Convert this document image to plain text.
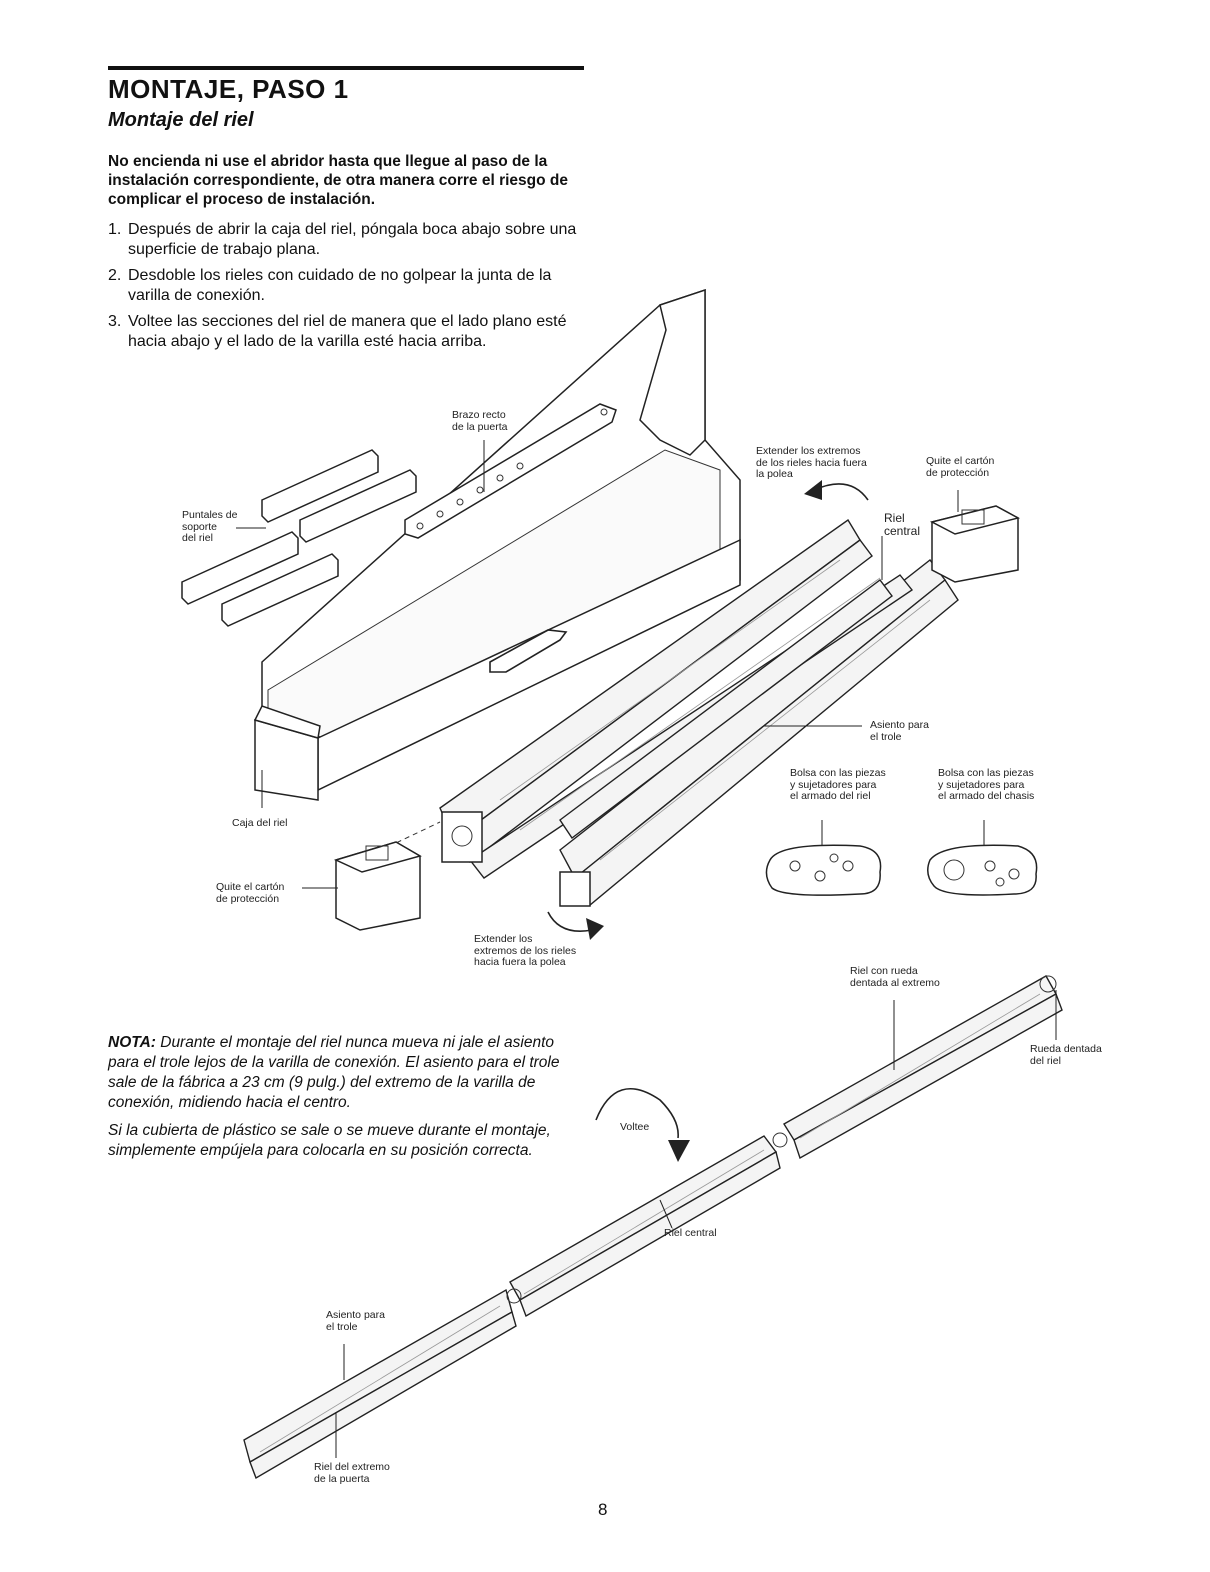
MONTAJE, PASO 1
Montaje del riel

No encienda ni use el abridor hasta que llegue al paso de la instalación correspondiente, de otra manera corre el riesgo de complicar el proceso de instalación.

1. Después de abrir la caja del riel, póngala boca abajo sobre una superficie de trabajo plana.
2. Desdoble los rieles con cuidado de no golpear la junta de la varilla de conexión.
3. Voltee las secciones del riel de manera que el lado plano esté hacia abajo y el lado de la varilla esté hacia arriba.
Brazo recto
de la puerta
Puntales de
soporte
del riel
Extender los extremos
de los rieles hacia fuera
la polea
Quite el cartón
de protección
Riel
central
Asiento para
el trole
Bolsa con las piezas
y sujetadores para
el armado del riel
Bolsa con las piezas
y sujetadores para
el armado del chasis
Caja del riel
Quite el cartón
de protección
Extender los
extremos de los rieles
hacia fuera la polea
Riel con rueda
dentada al extremo
Rueda dentada
del riel
Voltee
Riel central
Asiento para
el trole
Riel del extremo
de la puerta

NOTA: Durante el montaje del riel nunca mueva ni jale el asiento para el trole lejos de la varilla de conexión. El asiento para el trole sale de la fábrica a 23 cm (9 pulg.) del extremo de la varilla de conexión, midiendo hacia el centro.

Si la cubierta de plástico se sale o se mueve durante el montaje, simplemente empújela para colocarla en su posición correcta.

8
